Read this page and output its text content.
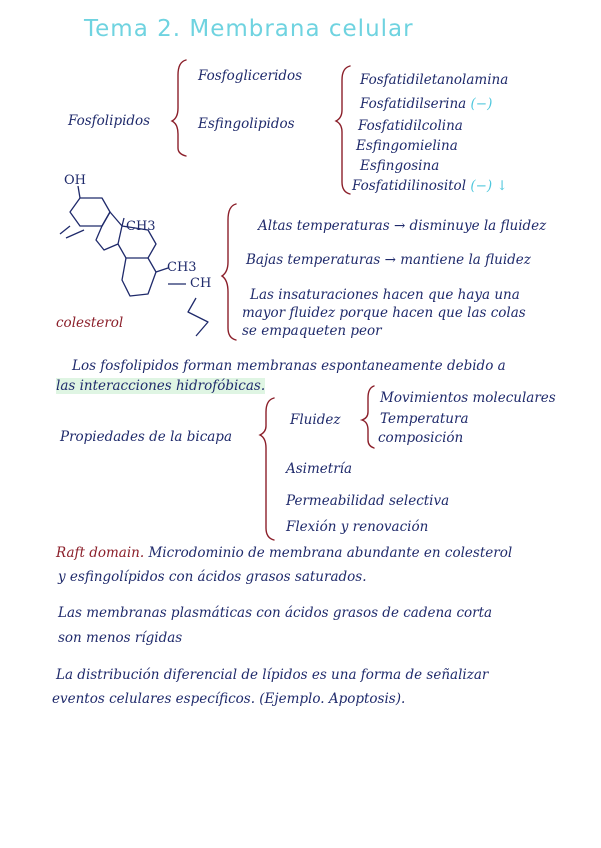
Tema 2. Membrana celular
Fosfolipidos
Fosfogliceridos
Esfingolipidos
Fosfatidiletanolamina
Fosfatidilserina (−)
Fosfatidilcolina
Esfingomielina
Esfingosina
Fosfatidilinositol (−) ↓
OH
CH3
CH3
CH
colesterol
Altas temperaturas → disminuye la fluidez
Bajas temperaturas → mantiene la fluidez
Las insaturaciones hacen que haya una
mayor fluidez porque hacen que las colas
se empaqueten peor
Los fosfolipidos forman membranas espontaneamente debido a
las interacciones hidrofóbicas.
Propiedades de la bicapa
Fluidez
Movimientos moleculares
Temperatura
composición
Asimetría
Permeabilidad selectiva
Flexión y renovación
Raft domain. Microdominio de membrana abundante en colesterol
y esfingolípidos con ácidos grasos saturados.
Las membranas plasmáticas con ácidos grasos de cadena corta
son menos rígidas
La distribución diferencial de lípidos es una forma de señalizar
eventos celulares específicos. (Ejemplo. Apoptosis).
